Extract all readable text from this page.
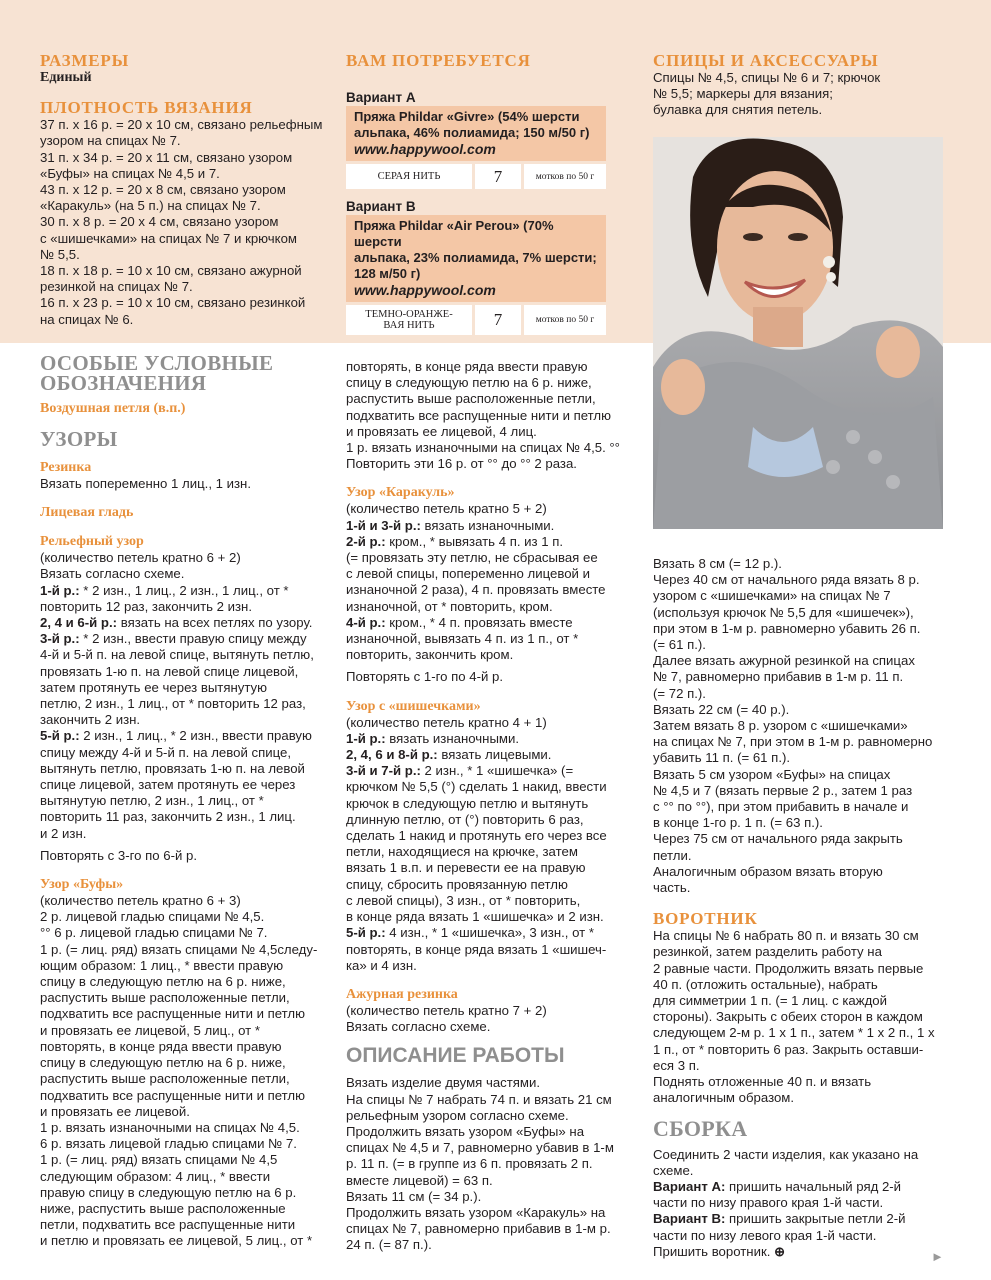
РАЗМЕРЫ

Единый

ПЛОТНОСТЬ ВЯЗАНИЯ

37 п. х 16 р. = 20 х 10 см, связано рельефным

узором на спицах № 7.

31 п. х 34 р. = 20 х 11 см, связано узором

«Буфы» на спицах № 4,5 и 7.

43 п. х 12 р. = 20 х 8 см, связано узором

«Каракуль» (на 5 п.) на спицах № 7.

30 п. х 8 р. = 20 х 4 см, связано узором

с «шишечками» на спицах № 7 и крючком

№ 5,5.

18 п. х 18 р. = 10 х 10 см, связано ажурной

резинкой на спицах № 7.

16 п. х 23 р. = 10 х 10 см, связано резинкой

на спицах № 6.

ВАМ ПОТРЕБУЕТСЯ

Вариант А

Пряжа Phildar «Givre» (54% шерсти

альпака, 46% полиамида; 150 м/50 г)

www.happywool.com

СЕРАЯ НИТЬ	7	мотков по 50 г

Вариант В

Пряжа Phildar «Air Perou» (70% шерсти

альпака, 23% полиамида, 7% шерсти;

128 м/50 г)

www.happywool.com

ТЕМНО-ОРАНЖЕ-
ВАЯ НИТЬ	7	мотков по 50 г

СПИЦЫ И АКСЕССУАРЫ

Спицы № 4,5, спицы № 6 и 7; крючок

№ 5,5; маркеры для вязания;

булавка для снятия петель.

ОСОБЫЕ УСЛОВНЫЕ

ОБОЗНАЧЕНИЯ

Воздушная петля (в.п.)

УЗОРЫ

Резинка

Вязать попеременно 1 лиц., 1 изн.

Лицевая гладь

Рельефный узор

(количество петель кратно 6 + 2)

Вязать согласно схеме.

1-й р.: * 2 изн., 1 лиц., 2 изн., 1 лиц., от *

повторить 12 раз, закончить 2 изн.

2, 4 и 6-й р.: вязать на всех петлях по узору.

3-й р.: * 2 изн., ввести правую спицу между

4-й и 5-й п. на левой спице, вытянуть петлю,

провязать 1-ю п. на левой спице лицевой,

затем протянуть ее через вытянутую

петлю, 2 изн., 1 лиц., от * повторить 12 раз,

закончить 2 изн.

5-й р.: 2 изн., 1 лиц., * 2 изн., ввести правую

спицу между 4-й и 5-й п. на левой спице,

вытянуть петлю, провязать 1-ю п. на левой

спице лицевой, затем протянуть ее через

вытянутую петлю, 2 изн., 1 лиц., от *

повторить 11 раз, закончить 2 изн., 1 лиц.

и 2 изн.

Повторять с 3-го по 6-й р.

Узор «Буфы»

(количество петель кратно 6 + 3)

2 р. лицевой гладью спицами № 4,5.

°° 6 р. лицевой гладью спицами № 7.

1 р. (= лиц. ряд) вязать спицами № 4,5следу-

ющим образом: 1 лиц., * ввести правую

спицу в следующую петлю на 6 р. ниже,

распустить выше расположенные петли,

подхватить все распущенные нити и петлю

и провязать ее лицевой, 5 лиц., от *

повторять, в конце ряда ввести правую

спицу в следующую петлю на 6 р. ниже,

распустить выше расположенные петли,

подхватить все распущенные нити и петлю

и провязать ее лицевой.

1 р. вязать изнаночными на спицах № 4,5.

6 р. вязать лицевой гладью спицами № 7.

1 р. (= лиц. ряд) вязать спицами № 4,5

следующим образом: 4 лиц., * ввести

правую спицу в следующую петлю на 6 р.

ниже, распустить выше расположенные

петли, подхватить все распущенные нити

и петлю и провязать ее лицевой, 5 лиц., от *

повторять, в конце ряда ввести правую

спицу в следующую петлю на 6 р. ниже,

распустить выше расположенные петли,

подхватить все распущенные нити и петлю

и провязать ее лицевой, 4 лиц.

1 р. вязать изнаночными на спицах № 4,5. °°

Повторить эти 16 р. от °° до °° 2 раза.

Узор «Каракуль»

(количество петель кратно 5 + 2)

1-й и 3-й р.: вязать изнаночными.

2-й р.: кром., * вывязать 4 п. из 1 п.

(= провязать эту петлю, не сбрасывая ее

с левой спицы, попеременно лицевой и

изнаночной 2 раза), 4 п. провязать вместе

изнаночной, от * повторить, кром.

4-й р.: кром., * 4 п. провязать вместе

изнаночной, вывязать 4 п. из 1 п., от *

повторить, закончить кром.

Повторять с 1-го по 4-й р.

Узор с «шишечками»

(количество петель кратно 4 + 1)

1-й р.: вязать изнаночными.

2, 4, 6 и 8-й р.: вязать лицевыми.

3-й и 7-й р.: 2 изн., * 1 «шишечка» (=

крючком № 5,5 (°) сделать 1 накид, ввести

крючок в следующую петлю и вытянуть

длинную петлю, от (°) повторить 6 раз,

сделать 1 накид и протянуть его через все

петли, находящиеся на крючке, затем

вязать 1 в.п. и перевести ее на правую

спицу, сбросить провязанную петлю

с левой спицы), 3 изн., от * повторить,

в конце ряда вязать 1 «шишечка» и 2 изн.

5-й р.: 4 изн., * 1 «шишечка», 3 изн., от *

повторять, в конце ряда вязать 1 «шишеч-

ка» и 4 изн.

Ажурная резинка

(количество петель кратно 7 + 2)

Вязать согласно схеме.

ОПИСАНИЕ РАБОТЫ

Вязать изделие двумя частями.

На спицы № 7 набрать 74 п. и вязать 21 см

рельефным узором согласно схеме.

Продолжить вязать узором «Буфы» на

спицах № 4,5 и 7, равномерно убавив в 1-м

р. 11 п. (= в группе из 6 п. провязать 2 п.

вместе лицевой) = 63 п.

Вязать 11 см (= 34 р.).

Продолжить вязать узором «Каракуль» на

спицах № 7, равномерно прибавив в 1-м р.

24 п. (= 87 п.).

Вязать 8 см (= 12 р.).

Через 40 см от начального ряда вязать 8 р.

узором с «шишечками» на спицах № 7

(используя крючок № 5,5 для «шишечек»),

при этом в 1-м р. равномерно убавить 26 п.

(= 61 п.).

Далее вязать ажурной резинкой на спицах

№ 7, равномерно прибавив в 1-м р. 11 п.

(= 72 п.).

Вязать 22 см (= 40 р.).

Затем вязать 8 р. узором с «шишечками»

на спицах № 7, при этом в 1-м р. равномерно

убавить 11 п. (= 61 п.).

Вязать 5 см узором «Буфы» на спицах

№ 4,5 и 7 (вязать первые 2 р., затем 1 раз

с °° по °°), при этом прибавить в начале и

в конце 1-го р. 1 п. (= 63 п.).

Через 75 см от начального ряда закрыть

петли.

Аналогичным образом вязать вторую

часть.

ВОРОТНИК

На спицы № 6 набрать 80 п. и вязать 30 см

резинкой, затем разделить работу на

2 равные части. Продолжить вязать первые

40 п. (отложить остальные), набрать

для симметрии 1 п. (= 1 лиц. с каждой

стороны). Закрыть с обеих сторон в каждом

следующем 2-м р. 1 х 1 п., затем * 1 х 2 п., 1 х

1 п., от * повторить 6 раз. Закрыть оставши-

еся 3 п.

Поднять отложенные 40 п. и вязать

аналогичным образом.

СБОРКА

Соединить 2 части изделия, как указано на

схеме.

Вариант А: пришить начальный ряд 2-й

части по низу правого края 1-й части.

Вариант В: пришить закрытые петли 2-й

части по низу левого края 1-й части.

Пришить воротник. ⊕	►
